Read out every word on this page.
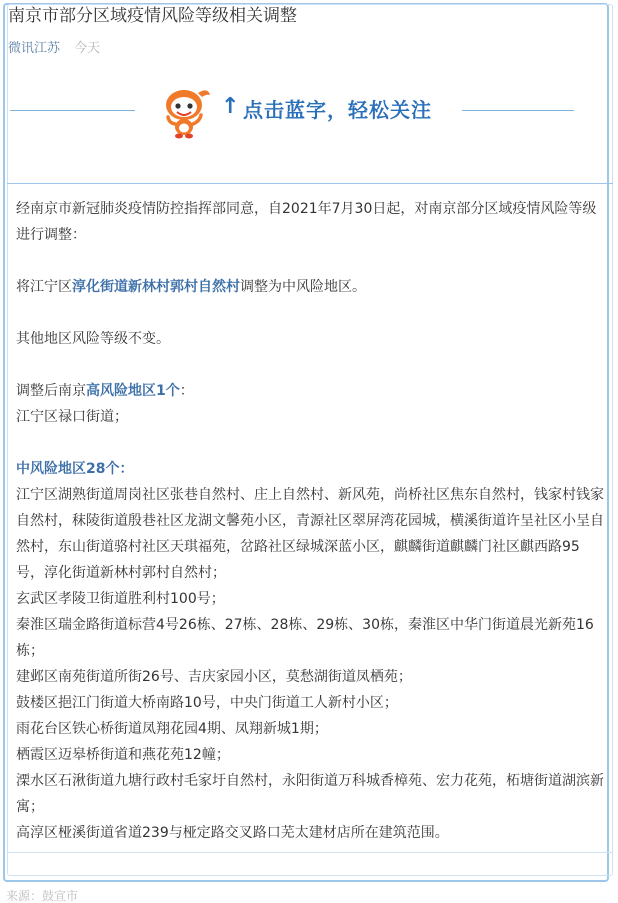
南京市部分区域疫情风险等级相关调整
微讯江苏 今天
↑ 点击蓝字，轻松关注

经南京市新冠肺炎疫情防控指挥部同意，自2021年7月30日起，对南京部分区域疫情风险等级进行调整：

将江宁区淳化街道新林村郭村自然村调整为中风险地区。

其他地区风险等级不变。

调整后南京高风险地区1个：

江宁区禄口街道；

中风险地区28个：

江宁区湖熟街道周岗社区张巷自然村、庄上自然村、新风苑，尚桥社区焦东自然村，钱家村钱家自然村，秣陵街道殷巷社区龙湖文馨苑小区，青源社区翠屏湾花园城，横溪街道许呈社区小呈自然村，东山街道骆村社区天琪福苑，岔路社区绿城深蓝小区，麒麟街道麒麟门社区麒西路95号，淳化街道新林村郭村自然村；

玄武区孝陵卫街道胜利村100号；

秦淮区瑞金路街道标营4号26栋、27栋、28栋、29栋、30栋，秦淮区中华门街道晨光新苑16栋；

建邺区南苑街道所街26号、吉庆家园小区，莫愁湖街道凤栖苑；

鼓楼区挹江门街道大桥南路10号，中央门街道工人新村小区；

雨花台区铁心桥街道凤翔花园4期、凤翔新城1期；

栖霞区迈皋桥街道和燕花苑12幢；

溧水区石湫街道九塘行政村毛家圩自然村，永阳街道万科城香樟苑、宏力花苑，柘塘街道湖滨新寓；

高淳区桠溪街道省道239与桠定路交叉路口芜太建材店所在建筑范围。

来源：鼓宣市
